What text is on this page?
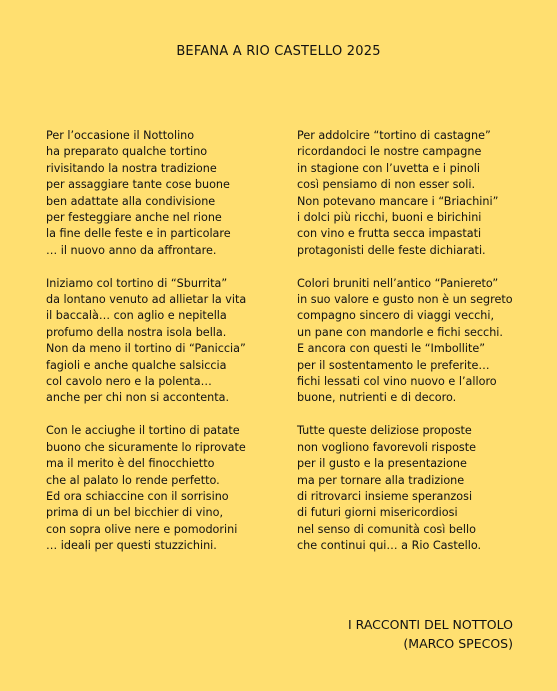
BEFANA A RIO CASTELLO 2025
Per l’occasione il Nottolino
ha preparato qualche tortino
rivisitando la nostra tradizione
per assaggiare tante cose buone
ben adattate alla condivisione
per festeggiare anche nel rione
la fine delle feste e in particolare
… il nuovo anno da affrontare.
Iniziamo col tortino di “Sburrita”
da lontano venuto ad allietar la vita
il baccalà… con aglio e nepitella
profumo della nostra isola bella.
Non da meno il tortino di “Paniccia”
fagioli e anche qualche salsiccia
col cavolo nero e la polenta…
anche per chi non si accontenta.
Con le acciughe il tortino di patate
buono che sicuramente lo riprovate
ma il merito è del finocchietto
che al palato lo rende perfetto.
Ed ora schiaccine con il sorrisino
prima di un bel bicchier di vino,
con sopra olive nere e pomodorini
… ideali per questi stuzzichini.
Per addolcire “tortino di castagne”
ricordandoci le nostre campagne
in stagione con l’uvetta e i pinoli
così pensiamo di non esser soli.
Non potevano mancare i “Briachini”
i dolci più ricchi, buoni e birichini
con vino e frutta secca impastati
protagonisti delle feste dichiarati.
Colori bruniti nell’antico “Paniereto”
in suo valore e gusto non è un segreto
compagno sincero di viaggi vecchi,
un pane con mandorle e fichi secchi.
E ancora con questi le “Imbollite”
per il sostentamento le preferite…
fichi lessati col vino nuovo e l’alloro
buone, nutrienti e di decoro.
Tutte queste deliziose proposte
non vogliono favorevoli risposte
per il gusto e la presentazione
ma per tornare alla tradizione
di ritrovarci insieme speranzosi
di futuri giorni misericordiosi
nel senso di comunità così bello
che continui qui… a Rio Castello.
I RACCONTI DEL NOTTOLO
(MARCO SPECOS)
